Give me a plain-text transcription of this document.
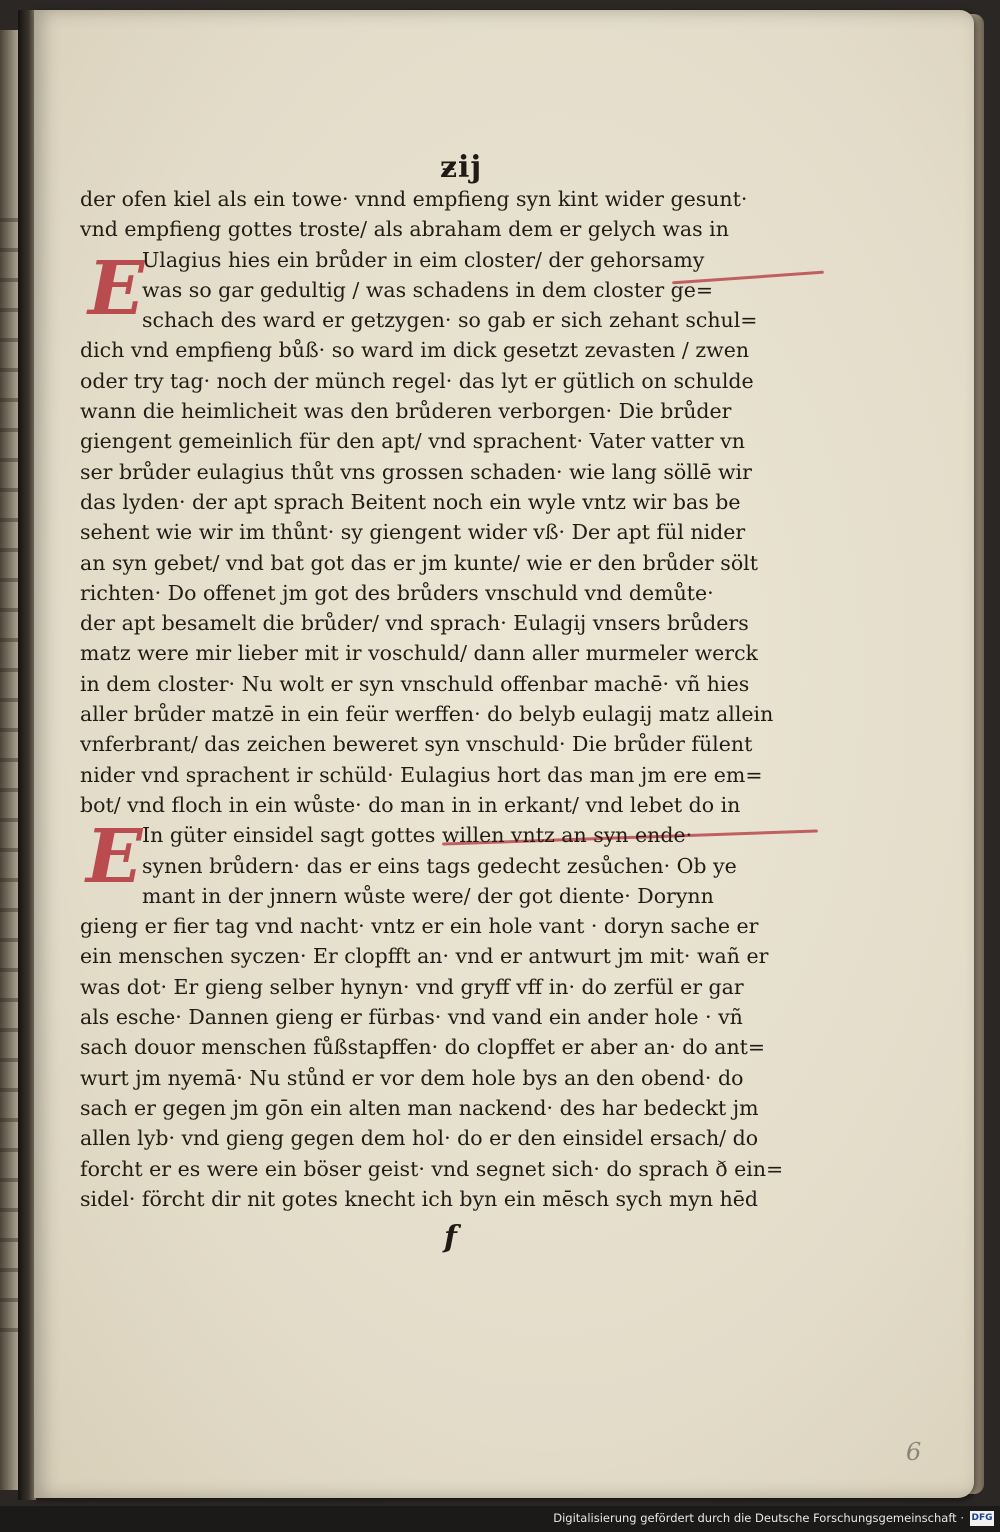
ƶij
E
E
der ofen kiel als ein towe· vnnd empfieng syn kint wider gesunt·
vnd empfieng gottes troste/ als abraham dem er gelych was in
Ulagius hies ein brůder in eim closter/ der gehorsamy
was so gar gedultig / was schadens in dem closter ge=
schach des ward er getzygen· so gab er sich zehant schul=
dich vnd empfieng bůß· so ward im dick gesetzt zevasten / zwen
oder try tag· noch der münch regel· das lyt er gütlich on schulde
wann die heimlicheit was den brůderen verborgen· Die brůder
giengent gemeinlich für den apt/ vnd sprachent· Vater vatter vn
ser brůder eulagius thůt vns grossen schaden· wie lang söllē wir
das lyden· der apt sprach Beitent noch ein wyle vntz wir bas be
sehent wie wir im thůnt· sy giengent wider vß· Der apt fül nider
an syn gebet/ vnd bat got das er jm kunte/ wie er den brůder sölt
richten· Do offenet jm got des brůders vnschuld vnd demůte·
der apt besamelt die brůder/ vnd sprach· Eulagij vnsers brůders
matz were mir lieber mit ir voschuld/ dann aller murmeler werck
in dem closter· Nu wolt er syn vnschuld offenbar machē· vñ hies
aller brůder matzē in ein feür werffen· do belyb eulagij matz allein
vnferbrant/ das zeichen beweret syn vnschuld· Die brůder fülent
nider vnd sprachent ir schüld· Eulagius hort das man jm ere em=
bot/ vnd floch in ein wůste· do man in in erkant/ vnd lebet do in
In güter einsidel sagt gottes willen vntz an syn ende·
synen brůdern· das er eins tags gedecht zesůchen· Ob ye
mant in der jnnern wůste were/ der got diente· Dorynn
gieng er fier tag vnd nacht· vntz er ein hole vant · doryn sache er
ein menschen syczen· Er clopfft an· vnd er antwurt jm mit· wañ er
was dot· Er gieng selber hynyn· vnd gryff vff in· do zerfül er gar
als esche· Dannen gieng er fürbas· vnd vand ein ander hole · vñ
sach douor menschen fůßstapffen· do clopffet er aber an· do ant=
wurt jm nyemā· Nu stůnd er vor dem hole bys an den obend· do
sach er gegen jm gōn ein alten man nackend· des har bedeckt jm
allen lyb· vnd gieng gegen dem hol· do er den einsidel ersach/ do
forcht er es were ein böser geist· vnd segnet sich· do sprach ð ein=
sidel· förcht dir nit gotes knecht ich byn ein mēsch sych myn hēd
f
6
Digitalisierung gefördert durch die Deutsche Forschungsgemeinschaft · DFG
